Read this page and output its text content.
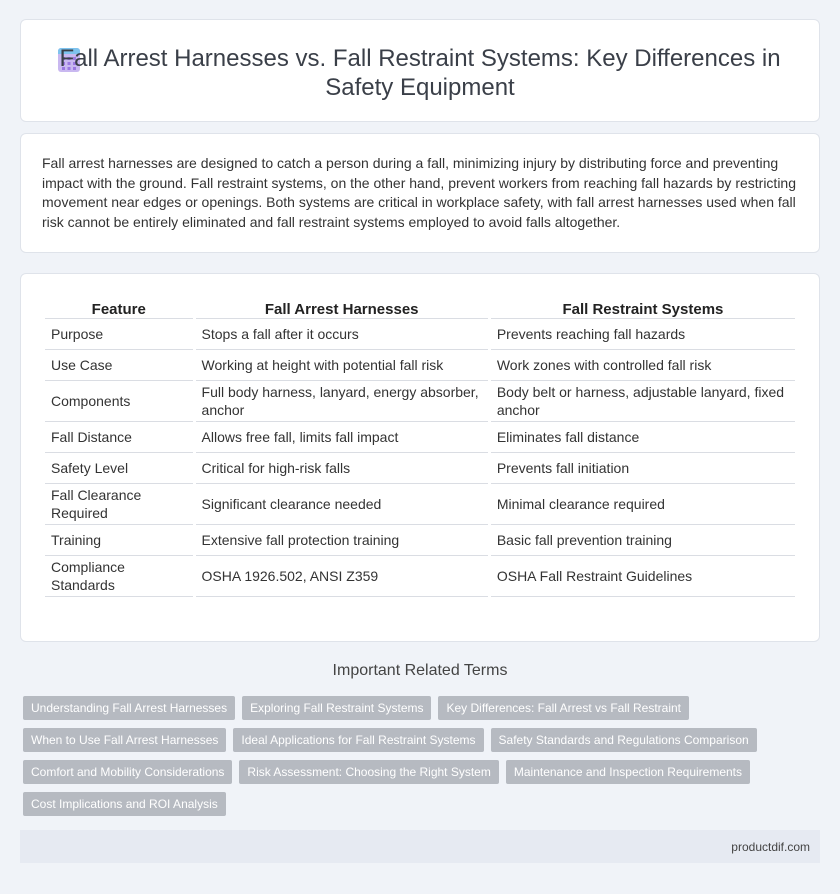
Fall Arrest Harnesses vs. Fall Restraint Systems: Key Differences in Safety Equipment

Fall arrest harnesses are designed to catch a person during a fall, minimizing injury by distributing force and preventing impact with the ground. Fall restraint systems, on the other hand, prevent workers from reaching fall hazards by restricting movement near edges or openings. Both systems are critical in workplace safety, with fall arrest harnesses used when fall risk cannot be entirely eliminated and fall restraint systems employed to avoid falls altogether.

Feature	Fall Arrest Harnesses	Fall Restraint Systems
Purpose	Stops a fall after it occurs	Prevents reaching fall hazards
Use Case	Working at height with potential fall risk	Work zones with controlled fall risk
Components	Full body harness, lanyard, energy absorber, anchor	Body belt or harness, adjustable lanyard, fixed anchor
Fall Distance	Allows free fall, limits fall impact	Eliminates fall distance
Safety Level	Critical for high-risk falls	Prevents fall initiation
Fall Clearance Required	Significant clearance needed	Minimal clearance required
Training	Extensive fall protection training	Basic fall prevention training
Compliance Standards	OSHA 1926.502, ANSI Z359	OSHA Fall Restraint Guidelines
Important Related Terms
Understanding Fall Arrest Harnesses	Exploring Fall Restraint Systems	Key Differences: Fall Arrest vs Fall Restraint
When to Use Fall Arrest Harnesses	Ideal Applications for Fall Restraint Systems	Safety Standards and Regulations Comparison
Comfort and Mobility Considerations	Risk Assessment: Choosing the Right System	Maintenance and Inspection Requirements
Cost Implications and ROI Analysis
productdif.com
